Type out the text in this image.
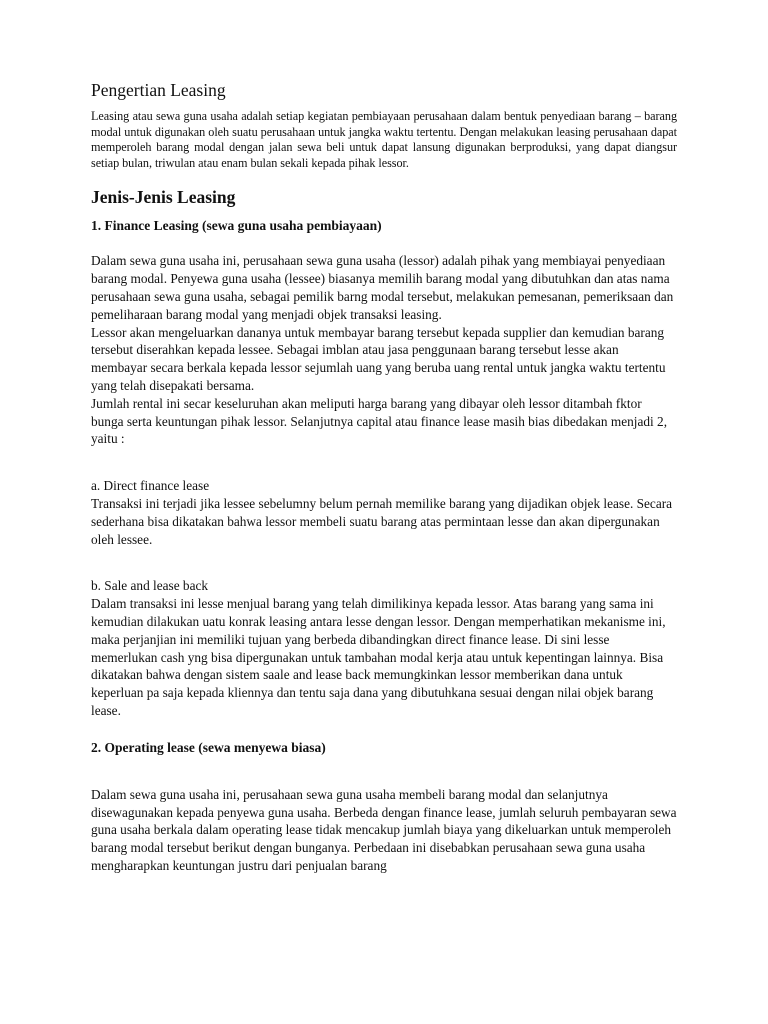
Pengertian Leasing

Leasing atau sewa guna usaha adalah setiap kegiatan pembiayaan perusahaan dalam bentuk penyediaan barang – barang modal untuk digunakan oleh suatu perusahaan untuk jangka waktu tertentu. Dengan melakukan leasing perusahaan dapat memperoleh barang modal dengan jalan sewa beli untuk dapat lansung digunakan berproduksi, yang dapat diangsur setiap bulan, triwulan atau enam bulan sekali kepada pihak lessor.

Jenis-Jenis Leasing
1. Finance Leasing (sewa guna usaha pembiayaan)

Dalam sewa guna usaha ini, perusahaan sewa guna usaha (lessor) adalah pihak yang membiayai penyediaan barang modal. Penyewa guna usaha (lessee) biasanya memilih barang modal yang dibutuhkan dan atas nama perusahaan sewa guna usaha, sebagai pemilik barng modal tersebut, melakukan pemesanan, pemeriksaan dan pemeliharaan barang modal yang menjadi objek transaksi leasing.

Lessor akan mengeluarkan dananya untuk membayar barang tersebut kepada supplier dan kemudian barang tersebut diserahkan kepada lessee. Sebagai imblan atau jasa penggunaan barang tersebut lesse akan membayar secara berkala kepada lessor sejumlah uang yang beruba uang rental untuk jangka waktu tertentu yang telah disepakati bersama.

Jumlah rental ini secar keseluruhan akan meliputi harga barang yang dibayar oleh lessor ditambah fktor bunga serta keuntungan pihak lessor. Selanjutnya capital atau finance lease masih bias dibedakan menjadi 2, yaitu :

a. Direct finance lease

Transaksi ini terjadi jika lessee sebelumny belum pernah memilike barang yang dijadikan objek lease. Secara sederhana bisa dikatakan bahwa lessor membeli suatu barang atas permintaan lesse dan akan dipergunakan oleh lessee.

b. Sale and lease back

Dalam transaksi ini lesse menjual barang yang telah dimilikinya kepada lessor. Atas barang yang sama ini kemudian dilakukan uatu konrak leasing antara lesse dengan lessor. Dengan memperhatikan mekanisme ini, maka perjanjian ini memiliki tujuan yang berbeda dibandingkan direct finance lease. Di sini lesse memerlukan cash yng bisa dipergunakan untuk tambahan modal kerja atau untuk kepentingan lainnya. Bisa dikatakan bahwa dengan sistem saale and lease back memungkinkan lessor memberikan dana untuk keperluan pa saja kepada kliennya dan tentu saja dana yang dibutuhkana sesuai dengan nilai objek barang lease.

2. Operating lease (sewa menyewa biasa)

Dalam sewa guna usaha ini, perusahaan sewa guna usaha membeli barang modal dan selanjutnya disewagunakan kepada penyewa guna usaha. Berbeda dengan finance lease, jumlah seluruh pembayaran sewa guna usaha berkala dalam operating lease tidak mencakup jumlah biaya yang dikeluarkan untuk memperoleh barang modal tersebut berikut dengan bunganya. Perbedaan ini disebabkan perusahaan sewa guna usaha mengharapkan keuntungan justru dari penjualan barang
